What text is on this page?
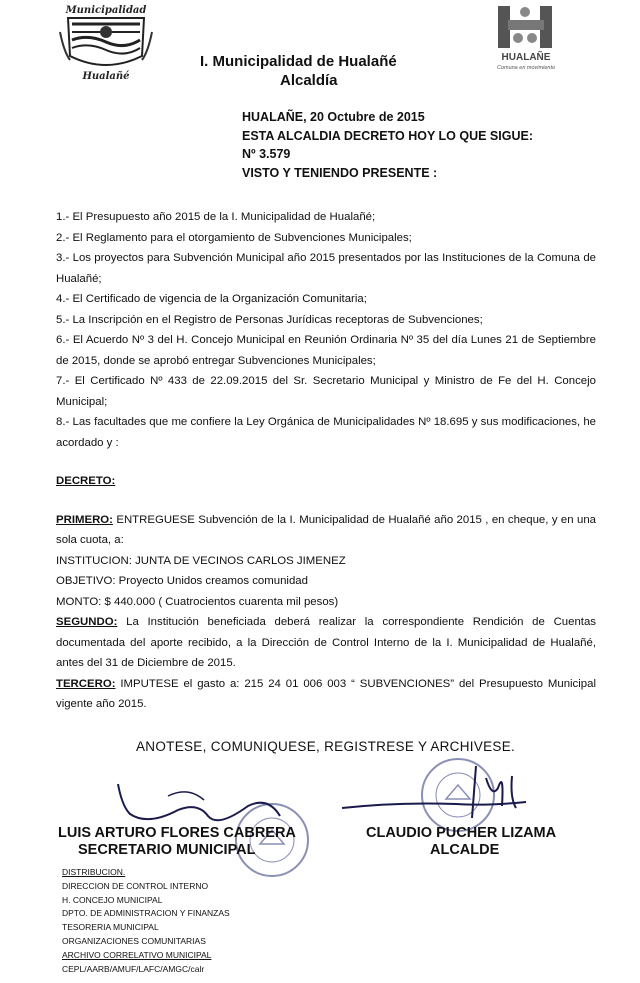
Municipalidad
Hualañé
HUALAÑE
Comuna en movimiento
I. Municipalidad de Hualañé
Alcaldía
HUALAÑE, 20 Octubre de 2015
ESTA ALCALDIA DECRETO HOY LO QUE SIGUE:
Nº 3.579
VISTO Y TENIENDO PRESENTE :

1.- El Presupuesto año 2015 de la I. Municipalidad de Hualañé;

2.- El Reglamento para el otorgamiento de Subvenciones Municipales;

3.- Los proyectos para Subvención Municipal año 2015 presentados por las Instituciones de la Comuna de Hualañé;

4.- El Certificado de vigencia de la Organización Comunitaria;

5.- La Inscripción en el Registro de Personas Jurídicas receptoras de Subvenciones;

6.- El Acuerdo Nº 3 del H. Concejo Municipal en Reunión Ordinaria Nº 35 del día Lunes 21 de Septiembre de 2015, donde se aprobó entregar Subvenciones Municipales;

7.- El Certificado Nº 433 de 22.09.2015 del Sr. Secretario Municipal y Ministro de Fe del H. Concejo Municipal;

8.- Las facultades que me confiere la Ley Orgánica de Municipalidades Nº 18.695 y sus modificaciones, he acordado y :

DECRETO:

PRIMERO: ENTREGUESE Subvención de la I. Municipalidad de Hualañé año 2015 , en cheque, y en una sola cuota, a:

INSTITUCION: JUNTA DE VECINOS CARLOS JIMENEZ

OBJETIVO: Proyecto Unidos creamos comunidad

MONTO: $ 440.000 ( Cuatrocientos cuarenta mil pesos)

SEGUNDO: La Institución beneficiada deberá realizar la correspondiente Rendición de Cuentas documentada del aporte recibido, a la Dirección de Control Interno de la I. Municipalidad de Hualañé, antes del 31 de Diciembre de 2015.

TERCERO: IMPUTESE el gasto a: 215 24 01 006 003 “ SUBVENCIONES” del Presupuesto Municipal vigente año 2015.

ANOTESE, COMUNIQUESE, REGISTRESE Y ARCHIVESE.
LUIS ARTURO FLORES CABRERA
SECRETARIO MUNICIPAL
CLAUDIO PUCHER LIZAMA
ALCALDE
DISTRIBUCION.
DIRECCION DE CONTROL INTERNO
H. CONCEJO MUNICIPAL
DPTO. DE ADMINISTRACION Y FINANZAS
TESORERIA MUNICIPAL
ORGANIZACIONES COMUNITARIAS
ARCHIVO CORRELATIVO MUNICIPAL
CEPL/AARB/AMUF/LAFC/AMGC/calr
